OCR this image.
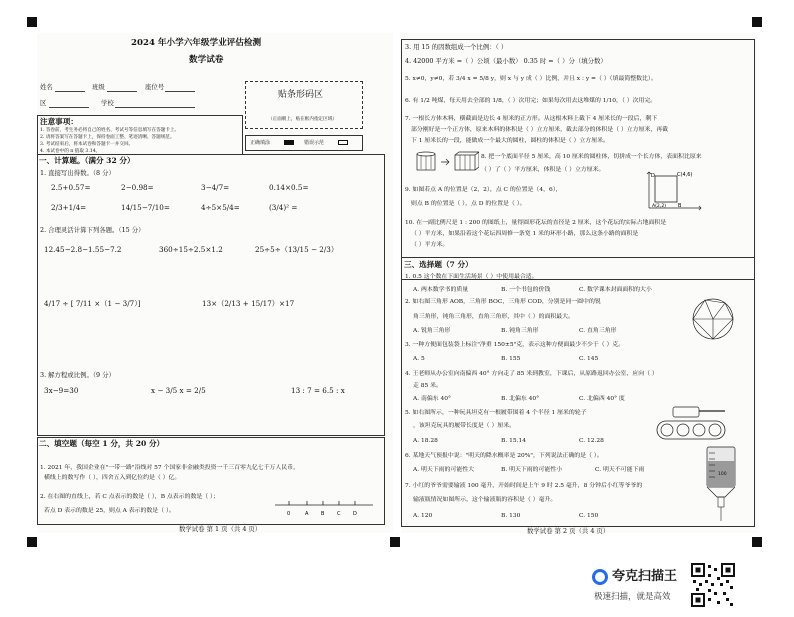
2024 年小学六年级学业评估检测
数学试卷
姓名	班级	座位号
区	学校
贴条形码区
（正面朝上，贴在框内指定区域）
注意事项：
1. 答卷前，考生务必将自己的姓名、考试号等信息填写在答题卡上。
2. 请将答案写在答题卡上，保持卷面工整、笔迹清晰、答题规范。
3. 考试结束后，将本试卷和答题卡一并交回。
4. 本试卷中的 π 值取 3.14。
正确填涂	错误示范
一、计算题。（满分 32 分）
1. 直接写出得数。（8 分）
2.5+0.57=	2−0.98=	3−4/7=	0.14×0.5=
2/3+1/4=	14/15−7/10=	4÷5×5/4=	(3/4)² =
2. 合理灵活计算下列各题。（15 分）
12.45−2.8−1.55−7.2	360÷15÷2.5×1.2	25÷5÷（13/15 − 2/3）
4/17 ÷ [ 7/11 ×（1 − 3/7）]	13×（2/13 + 15/17）×17
3. 解方程或比例。（9 分）
3x−9=30	x − 3/5 x = 2/5	13 : 7 = 6.5 : x
二、填空题（每空 1 分，共 20 分）
1. 2021 年，我国企业在"一带一路"沿线对 57 个国家非金融类投资一千三百零九亿七千万人民币，
横线上的数写作（ ），四舍五入到亿位约是（ ）亿。
2. 在右图的直线上，若 C 点表示的数是（ ），B 点表示的数是（ ）；
若点 D 表示的数是 25，则点 A 表示的数是（ ）。	0	A	B	C	D
数学试卷 第 1 页（共 4 页）
3. 用 15 的因数组成一个比例：（ ）
4. 42000 平方米 =（ ）公顷（最小数） 0.35 时 =（ ）分（填分数）
5. x≠0，y≠0，若 3/4 x = 5/8 y，则 x 与 y 成（ ）比例，并且 x : y =（ ）（填最简整数比）。
6. 有 1/2 吨煤，每天用去全部的 1/8，（ ）次用完；如果每次用去这堆煤的 1/10，（ ）次用完。
7. 一根长方体木料，横截面是边长 4 厘米的正方形。从这根木料上截下 4 厘米长的一段后，剩下
部分刚好是一个正方体，原来木料的体积是（ ）立方厘米，截去部分的体积是（ ）立方厘米，再截
下 1 厘米长的一段，能做成一个最大的圆柱，圆柱的体积是（ ）立方厘米。
8. 把一个底面半径 5 厘米，高 10 厘米的圆柱体，切拼成一个长方体，表面积比原来
（ ）了（ ）平方厘米，体积是（ ）立方厘米。
9. 如图若点 A 的位置是（2，2），点 C 的位置是（4，6），
则点 B 的位置是（ ），点 D 的位置是（ ）。
D	C(4,6)
A(2,2) B
10. 在一副比例尺是 1 : 200 的图纸上，量得圆形花坛的直径是 2 厘米，这个花坛的实际占地面积是
（ ）平方米，如果沿着这个花坛四周修一条宽 1 米的环形小路，那么这条小路的面积是
（ ）平方米。
三、选择题（7 分）
1. 0.5 这个数在下面生活场景（ ）中使用最合适。
A. 两本数学书的质量	B. 一个书包的价钱	C. 数学课本封面面积的大小
2. 如右图三角形 AOB，三角形 BOC，三角形 COD，分别是同一圆中的锐
角三角形，钝角三角形，直角三角形，其中（ ）的面积最大。
A. 锐角三角形	B. 钝角三角形	C. 直角三角形
3. 一种方便面包装袋上标注"净重 150±5"克，表示这种方便面最少不少于（ ）克。
A. 5	B. 155	C. 145
4. 王老师从办公室向南偏西 40° 方向走了 85 米到教室，下课后，从原路返回办公室，应向（ ）
走 85 米。
A. 南偏东 40°	B. 北偏东 40°	C. 北偏西 40° 度
5. 如右图所示，一种玩具坦克有一根履带围着 4 个半径 1 厘米的轮子
，该坦克玩具的履带长度是（ ）厘米。
A. 18.28	B. 15.14	C. 12.28
6. 某地天气预报中说："明天的降水概率是 20%"，下列说法正确的是（ ）。
A. 明天下雨的可能性大	B. 明天下雨的可能性小	C. 明天不可能下雨
7. 小红的爷爷需要输液 100 毫升，开始时间是上午 9 时 2.5 毫升，8 分钟后小红等爷爷的
输液瓶情况如图所示，这个输液瓶的容积是（ ）毫升。
A. 120	B. 130	C. 150
100
数学试卷 第 2 页（共 4 页）
夸克扫描王
极速扫描，就是高效
